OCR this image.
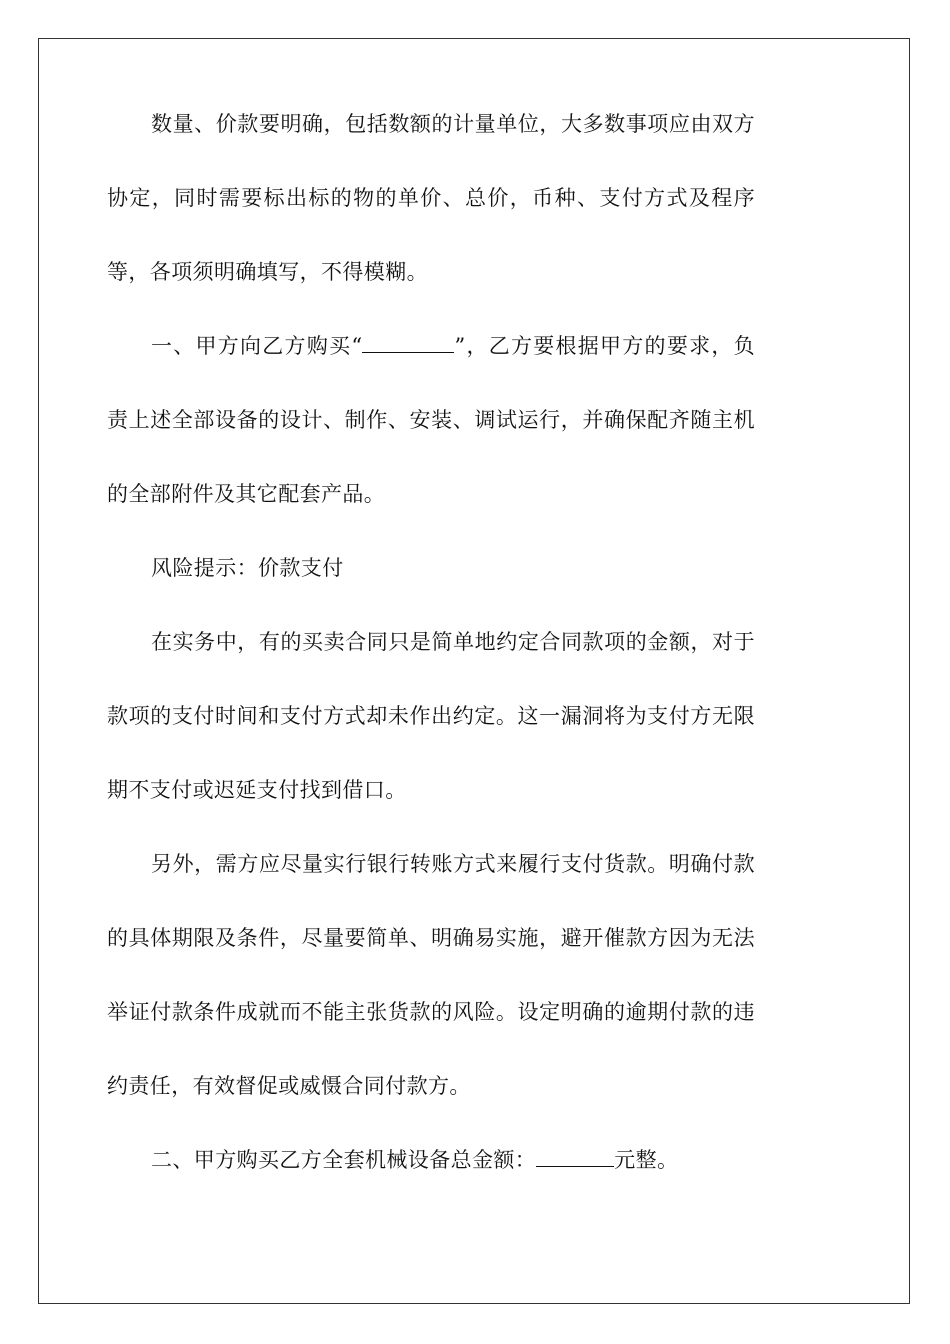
数量、价款要明确，包括数额的计量单位，大多数事项应由双方协定，同时需要标出标的物的单价、总价，币种、支付方式及程序等，各项须明确填写，不得模糊。

一、甲方向乙方购买“	”，乙方要根据甲方的要求，负责上述全部设备的设计、制作、安装、调试运行，并确保配齐随主机的全部附件及其它配套产品。

风险提示：价款支付

在实务中，有的买卖合同只是简单地约定合同款项的金额，对于款项的支付时间和支付方式却未作出约定。这一漏洞将为支付方无限期不支付或迟延支付找到借口。

另外，需方应尽量实行银行转账方式来履行支付货款。明确付款的具体期限及条件，尽量要简单、明确易实施，避开催款方因为无法举证付款条件成就而不能主张货款的风险。设定明确的逾期付款的违约责任，有效督促或威慑合同付款方。

二、甲方购买乙方全套机械设备总金额：	元整。
